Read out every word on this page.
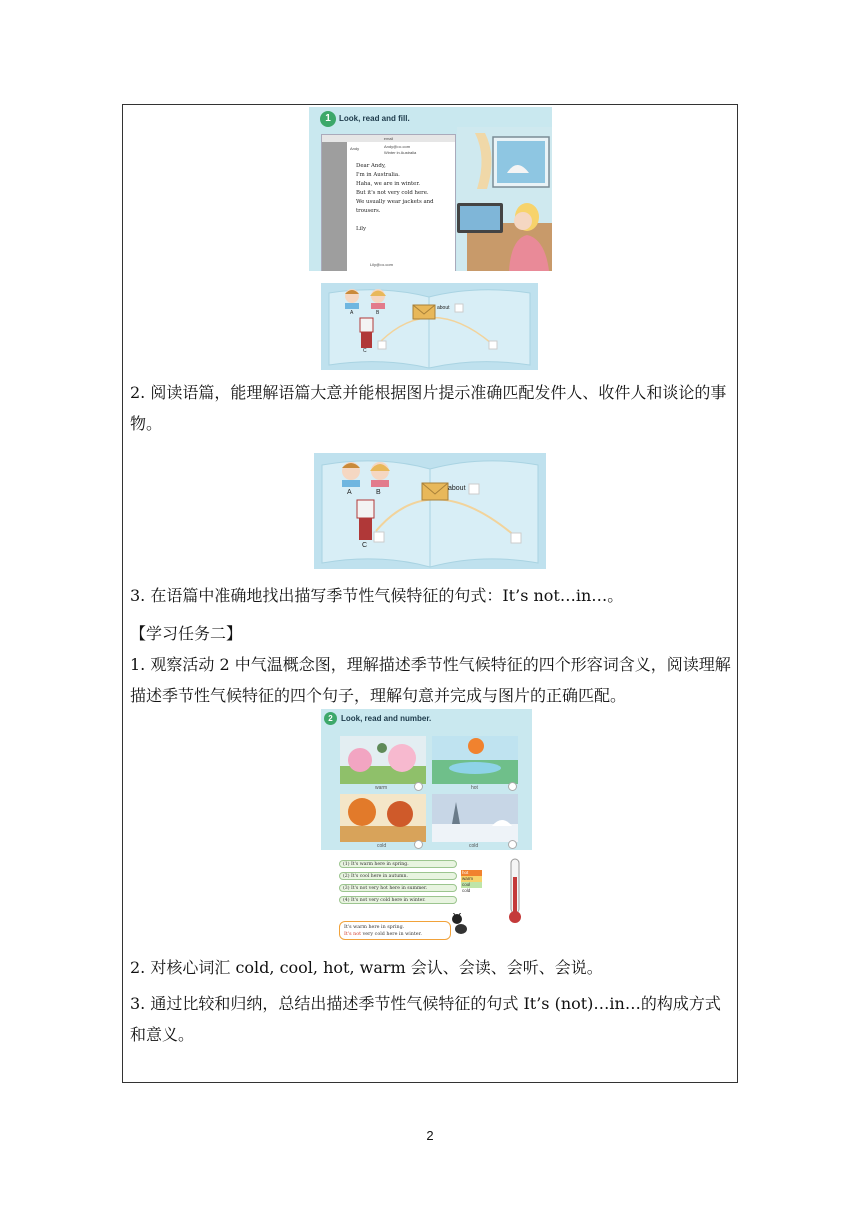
1	Look, read and fill.
email
Andy	Andy@•••.com
Winter in Australia
Dear Andy,
I'm in Australia.
Haha, we are in winter.
But it's not very cold here.
We usually wear jackets and
trousers.

Lily
Lily@•••.com
A	B
C
about

2. 阅读语篇，能理解语篇大意并能根据图片提示准确匹配发件人、收件人和谈论的事物。

A	B
C
about

3. 在语篇中准确地找出描写季节性气候特征的句式：It’s not…in…。

【学习任务二】

1. 观察活动 2 中气温概念图，理解描述季节性气候特征的四个形容词含义，阅读理解描述季节性气候特征的四个句子，理解句意并完成与图片的正确匹配。

2	Look, read and number.
warm	hot
cold	cold
(1) It's warm here in spring.
(2) It's cool here in autumn.
(3) It's not very hot here in summer.
(4) It's not very cold here in winter.
hot
warm
cool
cold
It's warm here in spring.
It's not very cold here in winter.

2. 对核心词汇 cold, cool, hot, warm 会认、会读、会听、会说。

3. 通过比较和归纳，总结出描述季节性气候特征的句式 It’s (not)…in…的构成方式和意义。

2
